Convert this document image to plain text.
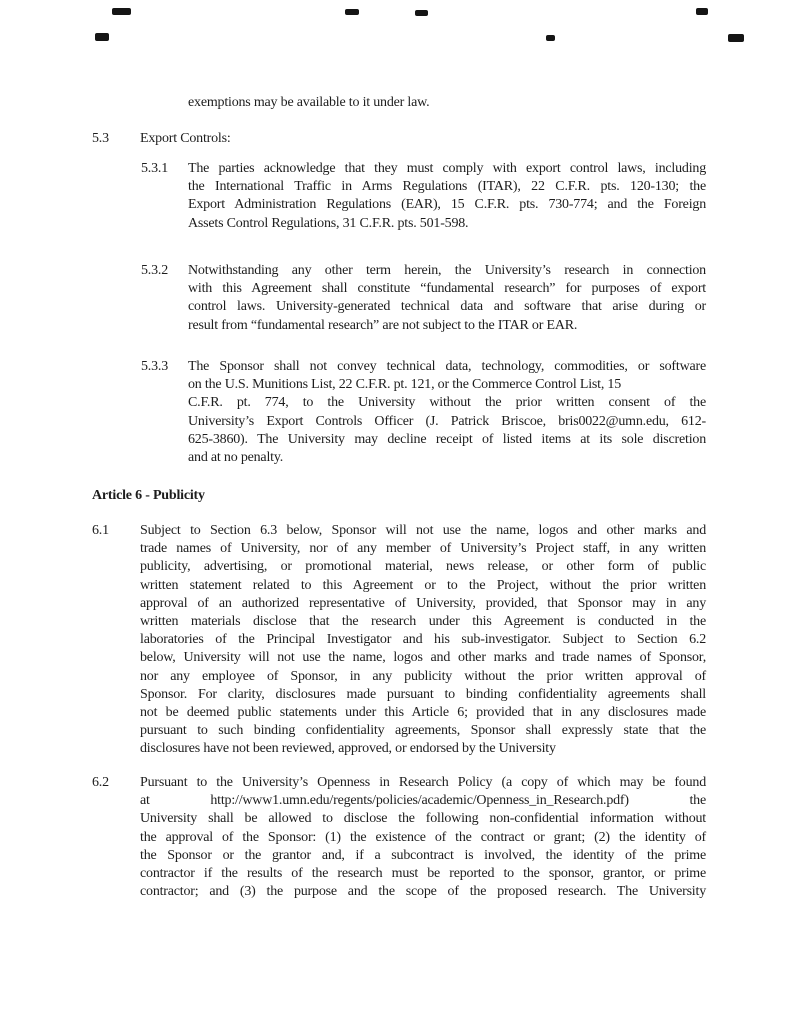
exemptions may be available to it under law.
5.3 Export Controls:
5.3.1 The parties acknowledge that they must comply with export control laws, including
the International Traffic in Arms Regulations (ITAR), 22 C.F.R. pts. 120-130; the
Export Administration Regulations (EAR), 15 C.F.R. pts. 730-774; and the Foreign
Assets Control Regulations, 31 C.F.R. pts. 501-598.
5.3.2 Notwithstanding any other term herein, the University’s research in connection
with this Agreement shall constitute “fundamental research” for purposes of export
control laws. University-generated technical data and software that arise during or
result from “fundamental research” are not subject to the ITAR or EAR.
5.3.3 The Sponsor shall not convey technical data, technology, commodities, or software
on the U.S. Munitions List, 22 C.F.R. pt. 121, or the Commerce Control List, 15
C.F.R. pt. 774, to the University without the prior written consent of the
University’s Export Controls Officer (J. Patrick Briscoe, bris0022@umn.edu, 612-
625-3860). The University may decline receipt of listed items at its sole discretion
and at no penalty.
Article 6 - Publicity
6.1 Subject to Section 6.3 below, Sponsor will not use the name, logos and other marks and
trade names of University, nor of any member of University’s Project staff, in any written
publicity, advertising, or promotional material, news release, or other form of public
written statement related to this Agreement or to the Project, without the prior written
approval of an authorized representative of University, provided, that Sponsor may in any
written materials disclose that the research under this Agreement is conducted in the
laboratories of the Principal Investigator and his sub-investigator. Subject to Section 6.2
below, University will not use the name, logos and other marks and trade names of Sponsor,
nor any employee of Sponsor, in any publicity without the prior written approval of
Sponsor. For clarity, disclosures made pursuant to binding confidentiality agreements shall
not be deemed public statements under this Article 6; provided that in any disclosures made
pursuant to such binding confidentiality agreements, Sponsor shall expressly state that the
disclosures have not been reviewed, approved, or endorsed by the University
6.2 Pursuant to the University’s Openness in Research Policy (a copy of which may be found
at http://www1.umn.edu/regents/policies/academic/Openness_in_Research.pdf) the
University shall be allowed to disclose the following non-confidential information without
the approval of the Sponsor: (1) the existence of the contract or grant; (2) the identity of
the Sponsor or the grantor and, if a subcontract is involved, the identity of the prime
contractor if the results of the research must be reported to the sponsor, grantor, or prime
contractor; and (3) the purpose and the scope of the proposed research. The University
